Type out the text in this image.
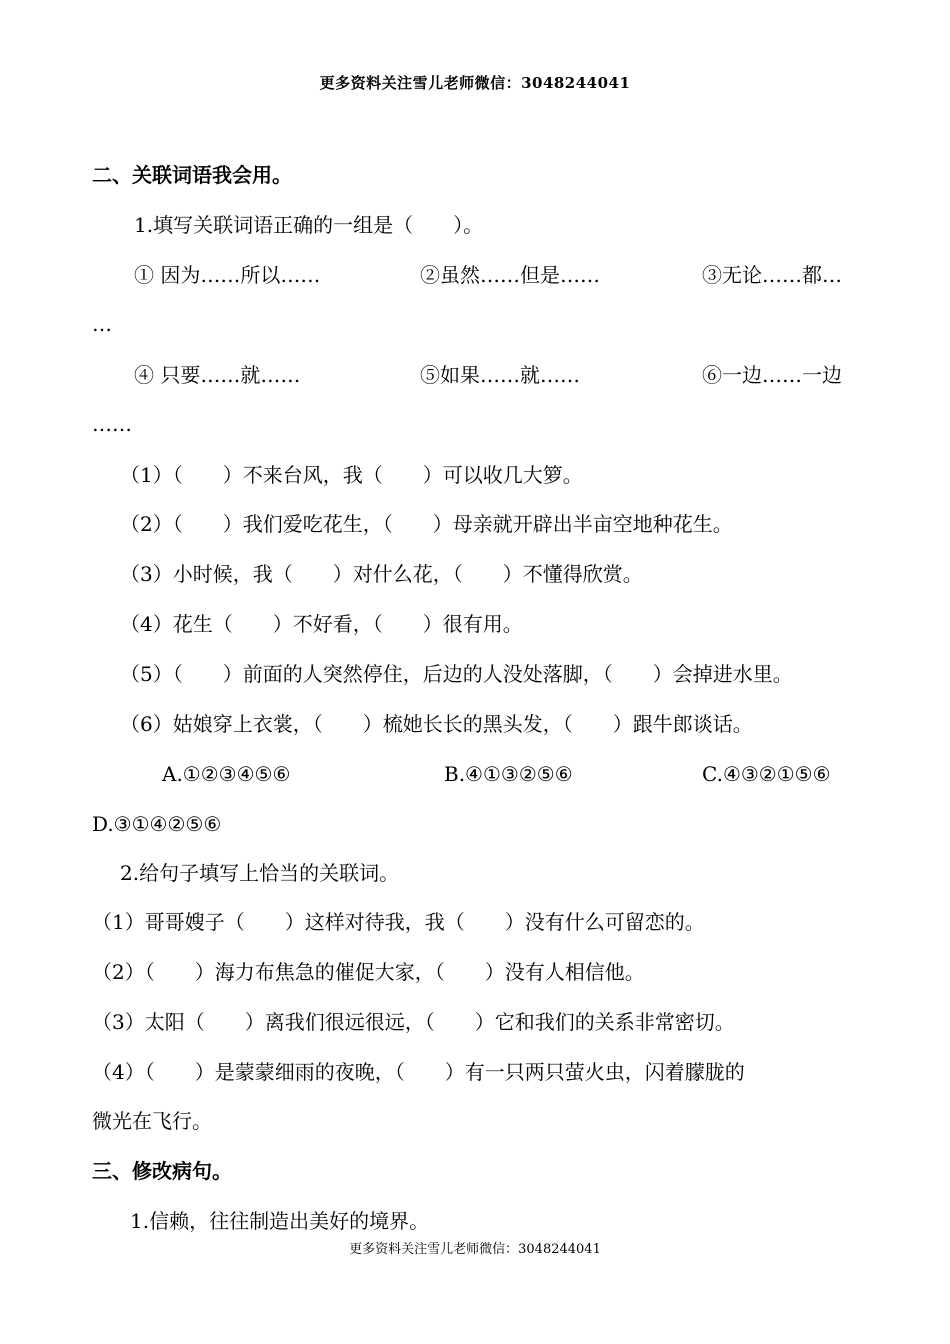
更多资料关注雪儿老师微信：3048244041
二、关联词语我会用。
1.填写关联词语正确的一组是（　　）。
① 因为……所以……	②虽然……但是……	③无论……都…
…
④ 只要……就……	⑤如果……就……	⑥一边……一边
……
（1）（　　）不来台风，我（　　）可以收几大箩。
（2）（　　）我们爱吃花生，（　　）母亲就开辟出半亩空地种花生。
（3）小时候，我（　　）对什么花，（　　）不懂得欣赏。
（4）花生（　　）不好看，（　　）很有用。
（5）（　　）前面的人突然停住，后边的人没处落脚，（　　）会掉进水里。
（6）姑娘穿上衣裳，（　　）梳她长长的黑头发，（　　）跟牛郎谈话。
A.①②③④⑤⑥	B.④①③②⑤⑥	C.④③②①⑤⑥
D.③①④②⑤⑥
2.给句子填写上恰当的关联词。
（1）哥哥嫂子（　　）这样对待我，我（　　）没有什么可留恋的。
（2）（　　）海力布焦急的催促大家，（　　）没有人相信他。
（3）太阳（　　）离我们很远很远，（　　）它和我们的关系非常密切。
（4）（　　）是蒙蒙细雨的夜晚，（　　）有一只两只萤火虫，闪着朦胧的
微光在飞行。
三、修改病句。
1.信赖，往往制造出美好的境界。
更多资料关注雪儿老师微信：3048244041
